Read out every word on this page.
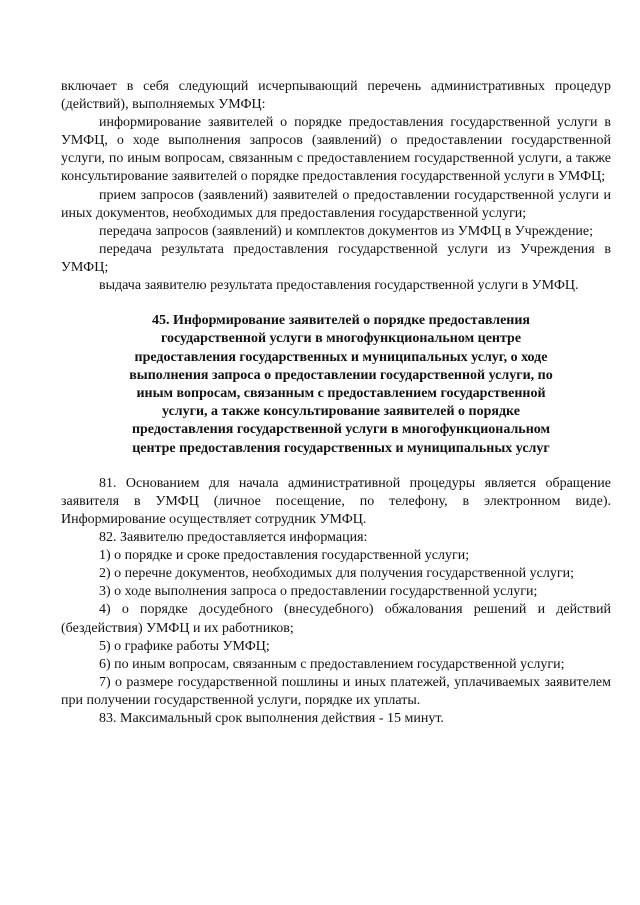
включает в себя следующий исчерпывающий перечень административных процедур (действий), выполняемых УМФЦ:

информирование заявителей о порядке предоставления государственной услуги в УМФЦ, о ходе выполнения запросов (заявлений) о предоставлении государственной услуги, по иным вопросам, связанным с предоставлением государственной услуги, а также консультирование заявителей о порядке предоставления государственной услуги в УМФЦ;

прием запросов (заявлений) заявителей о предоставлении государственной услуги и иных документов, необходимых для предоставления государственной услуги;

передача запросов (заявлений) и комплектов документов из УМФЦ в Учреждение;

передача результата предоставления государственной услуги из Учреждения в УМФЦ;

выдача заявителю результата предоставления государственной услуги в УМФЦ.

45. Информирование заявителей о порядке предоставления государственной услуги в многофункциональном центре предоставления государственных и муниципальных услуг, о ходе выполнения запроса о предоставлении государственной услуги, по иным вопросам, связанным с предоставлением государственной услуги, а также консультирование заявителей о порядке предоставления государственной услуги в многофункциональном центре предоставления государственных и муниципальных услуг

81. Основанием для начала административной процедуры является обращение заявителя в УМФЦ (личное посещение, по телефону, в электронном виде). Информирование осуществляет сотрудник УМФЦ.

82. Заявителю предоставляется информация:

1) о порядке и сроке предоставления государственной услуги;

2) о перечне документов, необходимых для получения государственной услуги;

3) о ходе выполнения запроса о предоставлении государственной услуги;

4) о порядке досудебного (внесудебного) обжалования решений и действий (бездействия) УМФЦ и их работников;

5) о графике работы УМФЦ;

6) по иным вопросам, связанным с предоставлением государственной услуги;

7) о размере государственной пошлины и иных платежей, уплачиваемых заявителем при получении государственной услуги, порядке их уплаты.

83. Максимальный срок выполнения действия - 15 минут.
